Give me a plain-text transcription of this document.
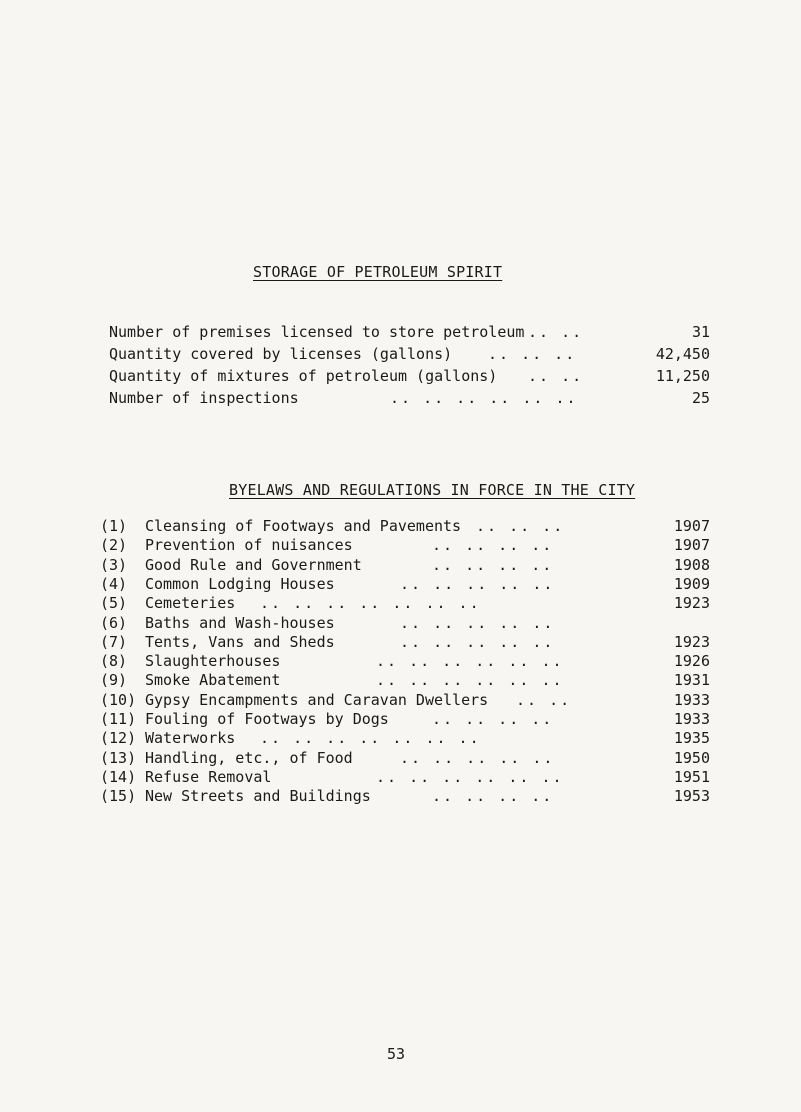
STORAGE OF PETROLEUM SPIRIT
Number of premises licensed to store petroleum .. ..	31
Quantity covered by licenses (gallons) .. .. ..	42,450
Quantity of mixtures of petroleum (gallons) .. ..	11,250
Number of inspections	.. .. .. .. .. ..	25
BYELAWS AND REGULATIONS IN FORCE IN THE CITY
(1)	Cleansing of Footways and Pavements .. .. ..	1907
(2)	Prevention of nuisances	.. .. .. ..	1907
(3)	Good Rule and Government	.. .. .. ..	1908
(4)	Common Lodging Houses	.. .. .. .. ..	1909
(5)	Cemeteries .. .. .. .. .. .. ..	1923
(6)	Baths and Wash-houses	.. .. .. .. ..
(7)	Tents, Vans and Sheds	.. .. .. .. ..	1923
(8)	Slaughterhouses	.. .. .. .. .. ..	1926
(9)	Smoke Abatement	.. .. .. .. .. ..	1931
(10) Gypsy Encampments and Caravan Dwellers .. ..	1933
(11) Fouling of Footways by Dogs	.. .. .. ..	1933
(12) Waterworks .. .. .. .. .. .. ..	1935
(13) Handling, etc., of Food	.. .. .. .. ..	1950
(14) Refuse Removal	.. .. .. .. .. ..	1951
(15) New Streets and Buildings	.. .. .. ..	1953
53
